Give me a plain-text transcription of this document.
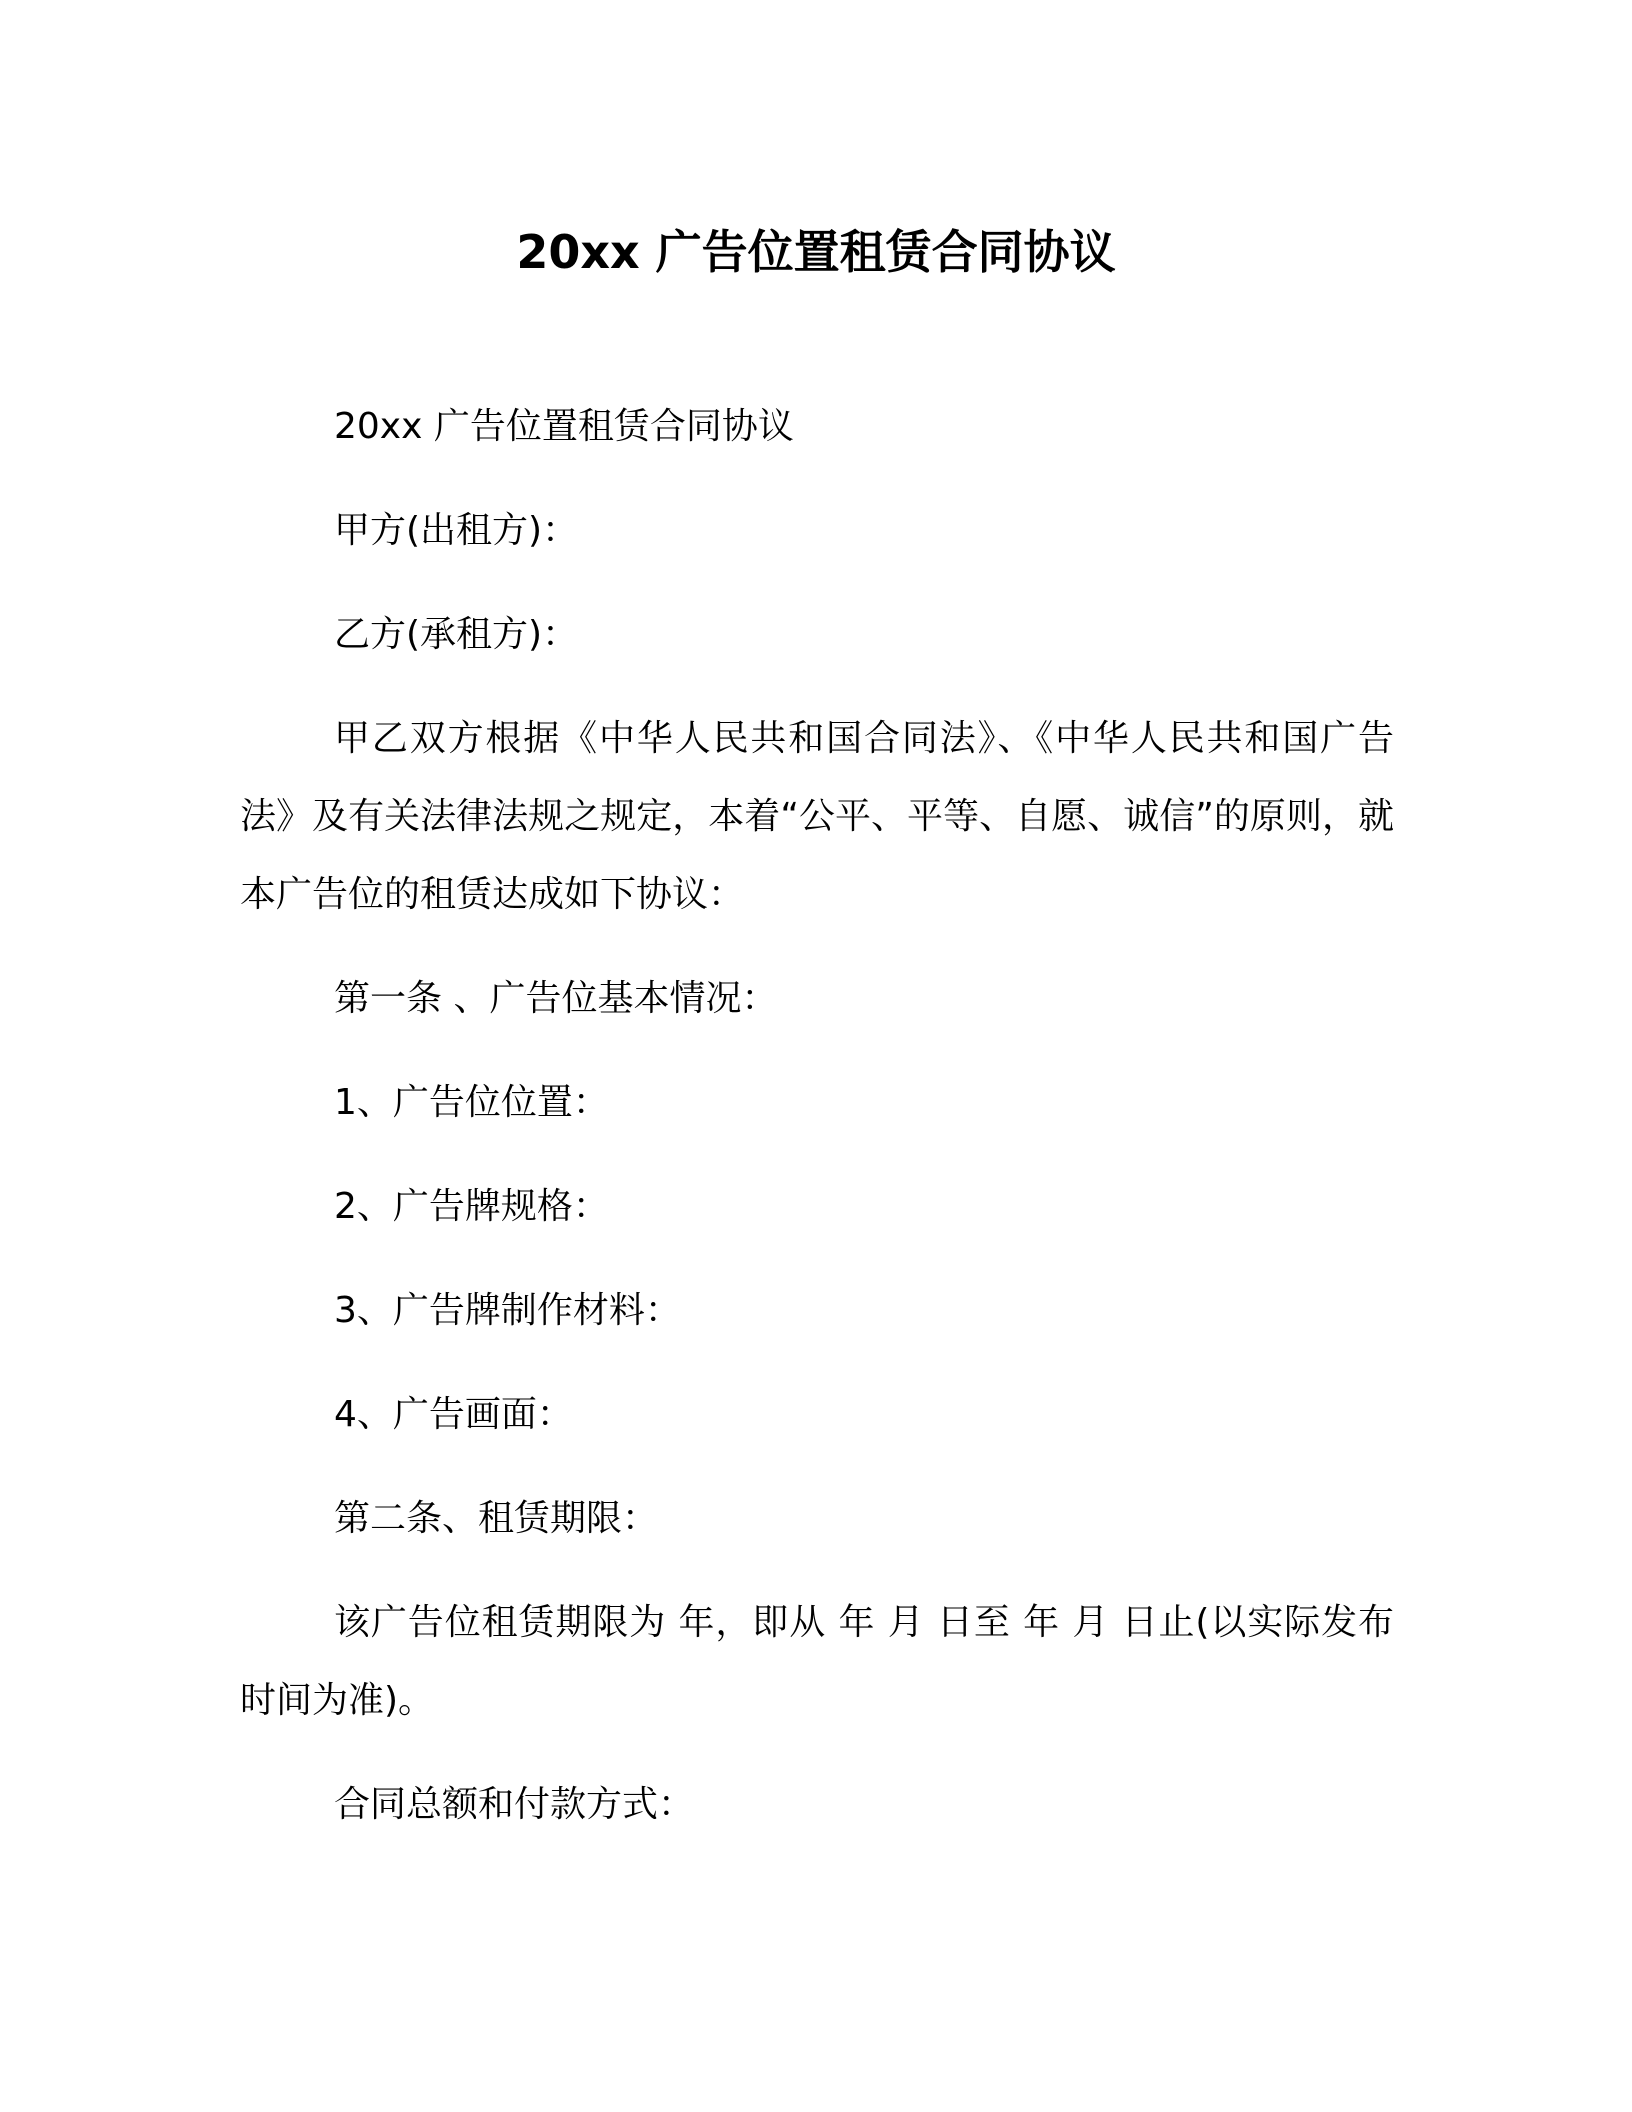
20xx 广告位置租赁合同协议

20xx 广告位置租赁合同协议

甲方(出租方)：

乙方(承租方)：

甲乙双方根据《中华人民共和国合同法》、《中华人民共和国广告法》及有关法律法规之规定，本着“公平、平等、自愿、诚信”的原则，就本广告位的租赁达成如下协议：

第一条 、广告位基本情况：

1、广告位位置：

2、广告牌规格：

3、广告牌制作材料：

4、广告画面：

第二条、租赁期限：

该广告位租赁期限为 年，即从 年 月 日至 年 月 日止(以实际发布时间为准)。

合同总额和付款方式：
